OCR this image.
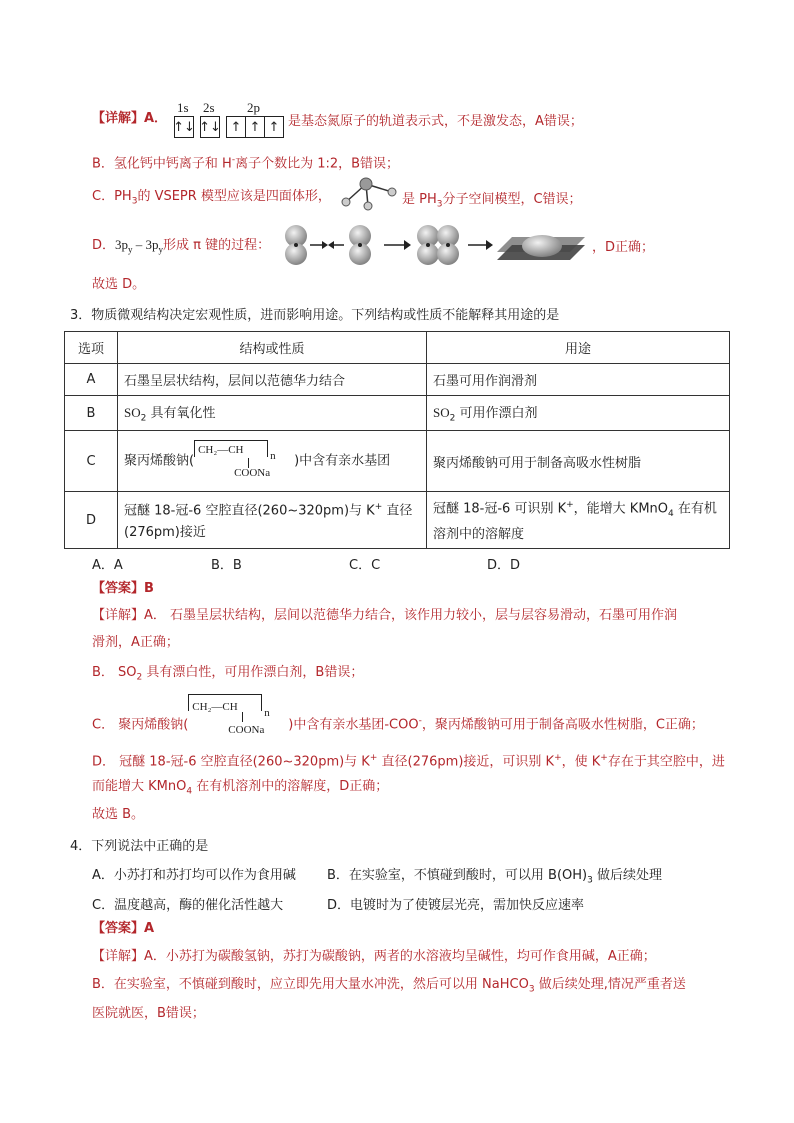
【详解】A．
1s 2s 2p
↑↓ ↑↓ ↑ ↑ ↑ 是基态氮原子的轨道表示式，不是激发态，A错误；
B．氢化钙中钙离子和 H-离子个数比为 1:2，B错误；
C．$PH_3$的 VSEPR 模型应该是四面体形，	是 $PH_3$分子空间模型，C错误；
D．$3p_y - 3p_y$形成 π 键的过程：	，D正确；
故选 D。
3．物质微观结构决定宏观性质，进而影响用途。下列结构或性质不能解释其用途的是
选项	结构或性质	用途
A	石墨呈层状结构，层间以范德华力结合	石墨可用作润滑剂
B	$SO_2$ 具有氧化性	$SO_2$ 可用作漂白剂
C	聚丙烯酸钠(
CH₂—CH n
COONa
)中含有亲水基团	聚丙烯酸钠可用于制备高吸水性树脂
D	冠醚 18-冠-6 空腔直径(260~320pm)与 K+ 直径
(276pm)接近	冠醚 18-冠-6 可识别 K+，能增大 KMnO$_4$ 在有机
溶剂中的溶解度
A．A	B．B	C．C	D．D
【答案】B
【详解】A． 石墨呈层状结构，层间以范德华力结合，该作用力较小，层与层容易滑动，石墨可用作润
滑剂，A正确；
B． $SO_2$ 具有漂白性，可用作漂白剂，B错误；
C． 聚丙烯酸钠(
CH₂—CH n
COONa )中含有亲水基团-COO-，聚丙烯酸钠可用于制备高吸水性树脂，C正确；
D． 冠醚 18-冠-6 空腔直径(260~320pm)与 K+ 直径(276pm)接近，可识别 K+，使 K+存在于其空腔中，进
而能增大 KMnO$_4$ 在有机溶剂中的溶解度，D正确；
故选 B。
4．下列说法中正确的是
A．小苏打和苏打均可以作为食用碱 B．在实验室，不慎碰到酸时，可以用 $B(OH)_3$ 做后续处理
C．温度越高，酶的催化活性越大	D．电镀时为了使镀层光亮，需加快反应速率
【答案】A
【详解】A．小苏打为碳酸氢钠，苏打为碳酸钠，两者的水溶液均呈碱性，均可作食用碱，A正确；
B．在实验室，不慎碰到酸时，应立即先用大量水冲洗，然后可以用 NaHCO$_3$ 做后续处理,情况严重者送
医院就医，B错误；
